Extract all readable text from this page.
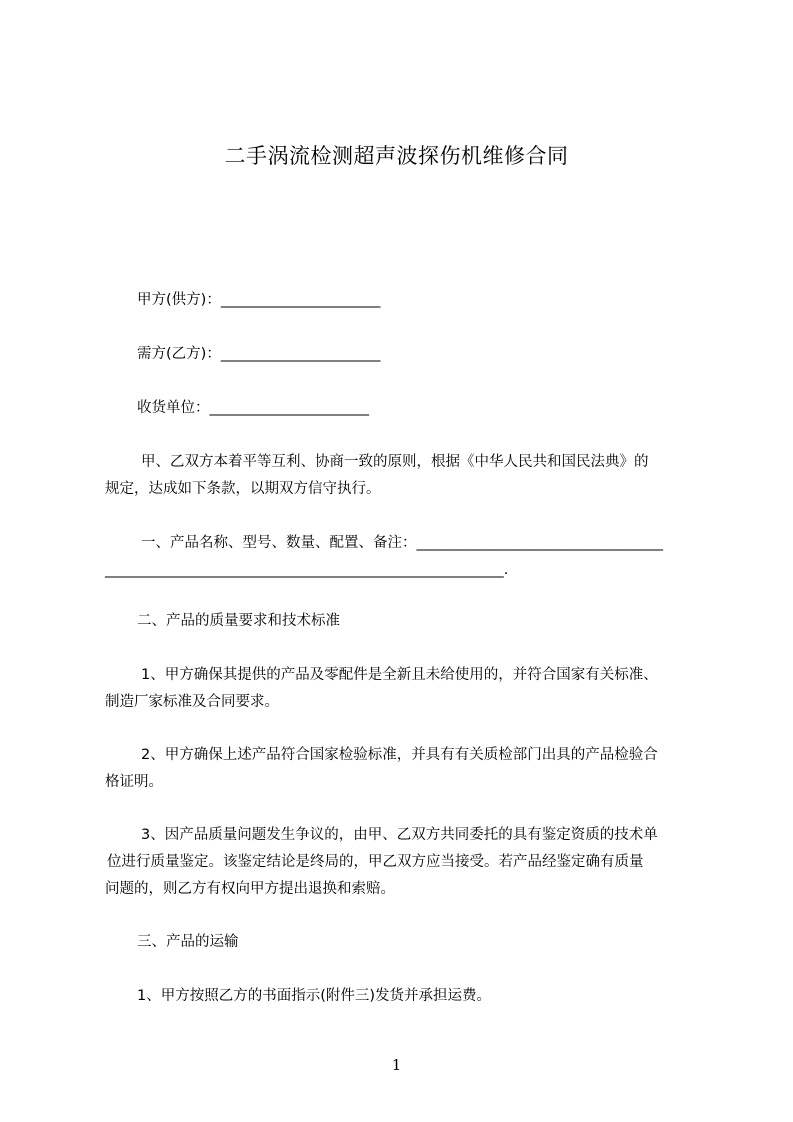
二手涡流检测超声波探伤机维修合同
甲方(供方)：______________________
需方(乙方)：______________________
收货单位：______________________
甲、乙双方本着平等互利、协商一致的原则，根据《中华人民共和国民法典》的
规定，达成如下条款，以期双方信守执行。
一、产品名称、型号、数量、配置、备注：__________________________________
_______________________________________________________.
二、产品的质量要求和技术标准
1、甲方确保其提供的产品及零配件是全新且未给使用的，并符合国家有关标准、
制造厂家标准及合同要求。
2、甲方确保上述产品符合国家检验标准，并具有有关质检部门出具的产品检验合
格证明。
3、因产品质量问题发生争议的，由甲、乙双方共同委托的具有鉴定资质的技术单
位进行质量鉴定。该鉴定结论是终局的，甲乙双方应当接受。若产品经鉴定确有质量
问题的，则乙方有权向甲方提出退换和索赔。
三、产品的运输
1、甲方按照乙方的书面指示(附件三)发货并承担运费。
1
